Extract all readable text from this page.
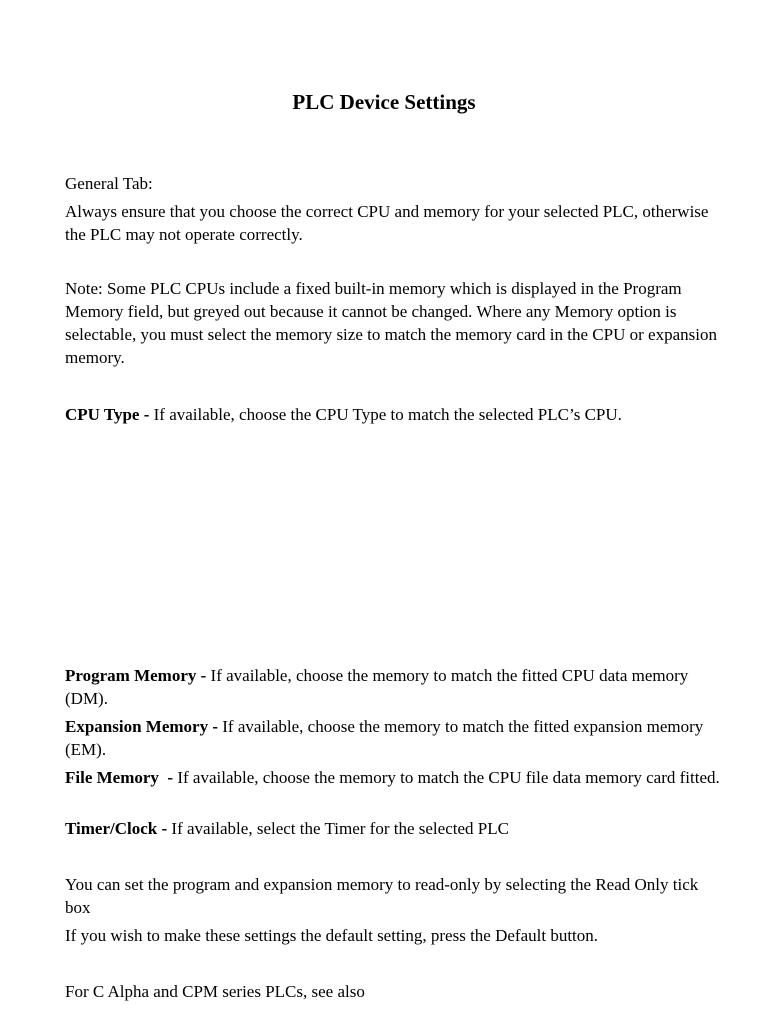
PLC Device Settings

General Tab:

Always ensure that you choose the correct CPU and memory for your selected PLC, otherwise the PLC may not operate correctly.

Note: Some PLC CPUs include a fixed built-in memory which is displayed in the Program Memory field, but greyed out because it cannot be changed. Where any Memory option is selectable, you must select the memory size to match the memory card in the CPU or expansion memory.

CPU Type - If available, choose the CPU Type to match the selected PLC’s CPU.

Program Memory - If available, choose the memory to match the fitted CPU data memory (DM).

Expansion Memory - If available, choose the memory to match the fitted expansion memory (EM).

File Memory  - If available, choose the memory to match the CPU file data memory card fitted.

Timer/Clock - If available, select the Timer for the selected PLC

You can set the program and expansion memory to read-only by selecting the Read Only tick box

If you wish to make these settings the default setting, press the Default button.

For C Alpha and CPM series PLCs, see also
